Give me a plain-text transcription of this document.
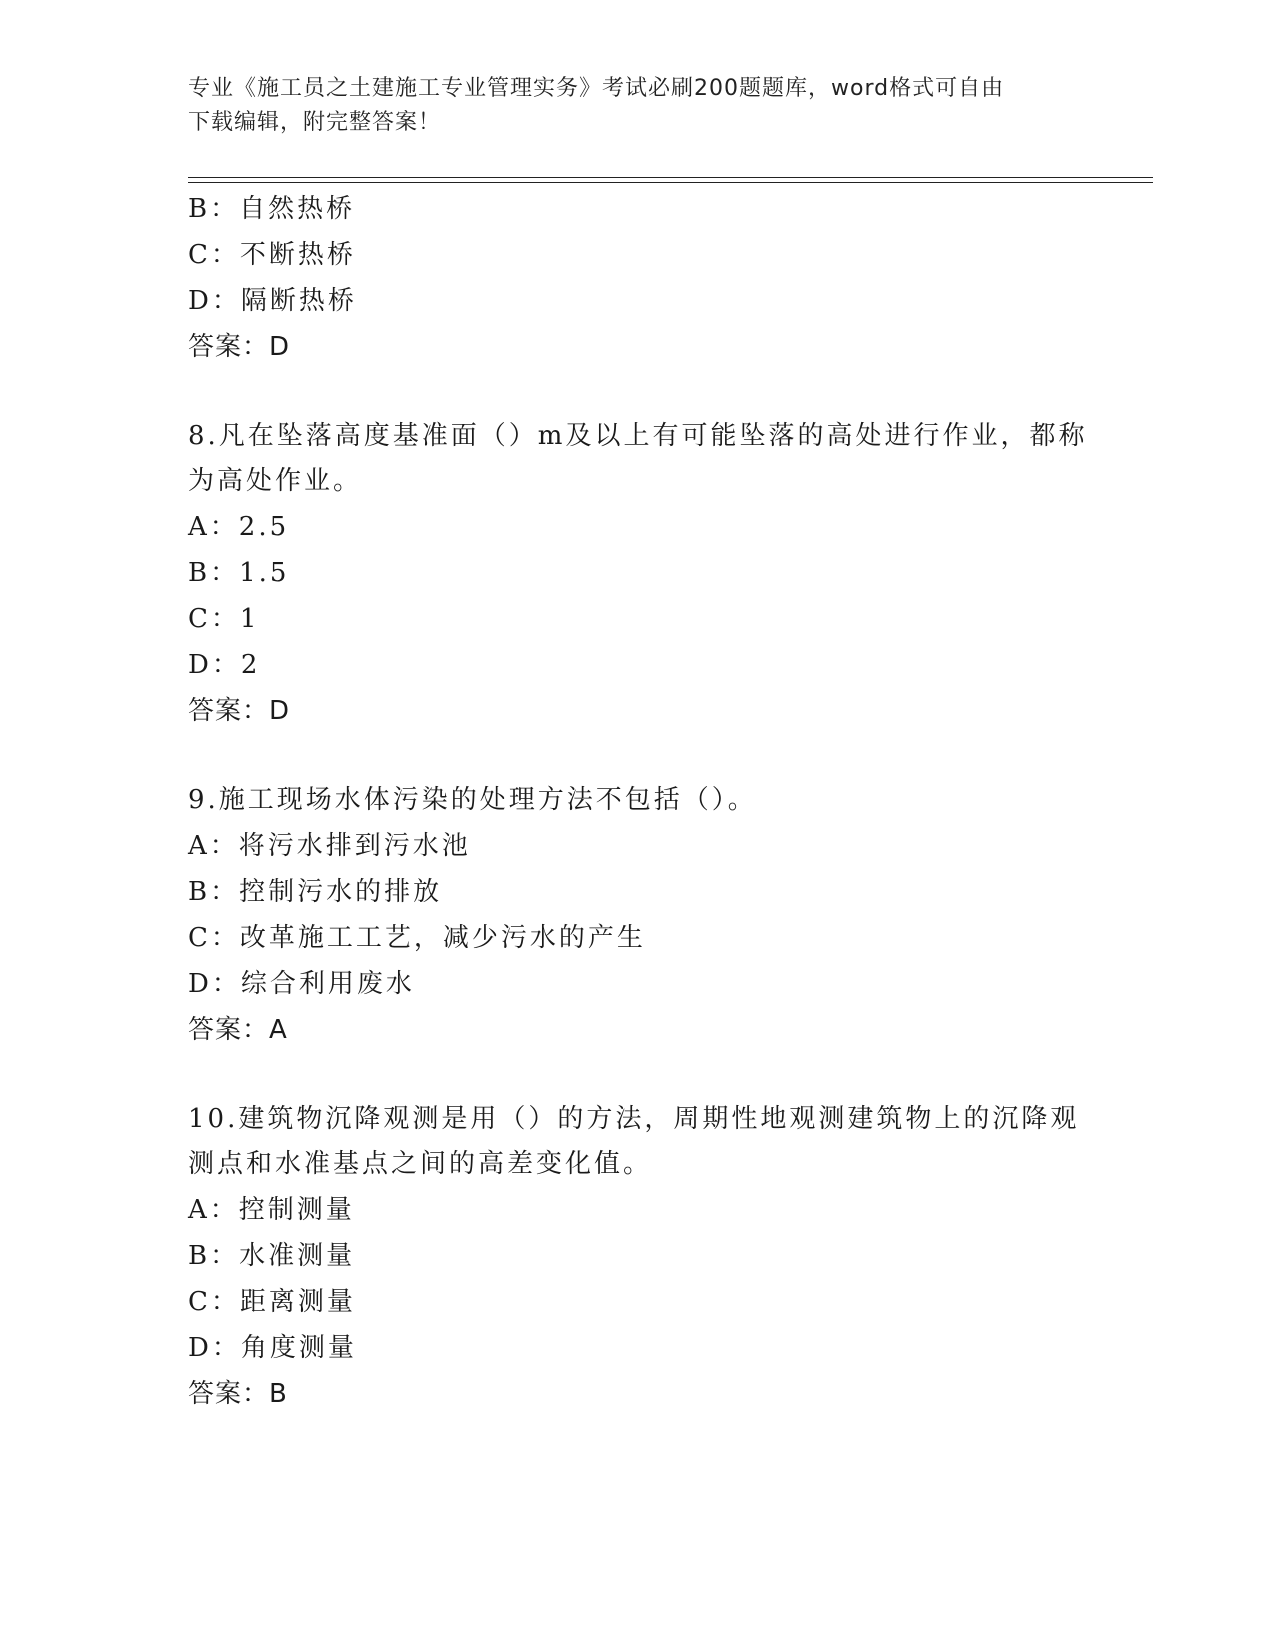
专业《施工员之土建施工专业管理实务》考试必刷200题题库，word格式可自由
下载编辑，附完整答案！
B：自然热桥
C：不断热桥
D：隔断热桥
答案：D
8.凡在坠落高度基准面（）m及以上有可能坠落的高处进行作业，都称
为高处作业。
A：2.5
B：1.5
C：1
D：2
答案：D
9.施工现场水体污染的处理方法不包括（）。
A：将污水排到污水池
B：控制污水的排放
C：改革施工工艺，减少污水的产生
D：综合利用废水
答案：A
10.建筑物沉降观测是用（）的方法，周期性地观测建筑物上的沉降观
测点和水准基点之间的高差变化值。
A：控制测量
B：水准测量
C：距离测量
D：角度测量
答案：B
